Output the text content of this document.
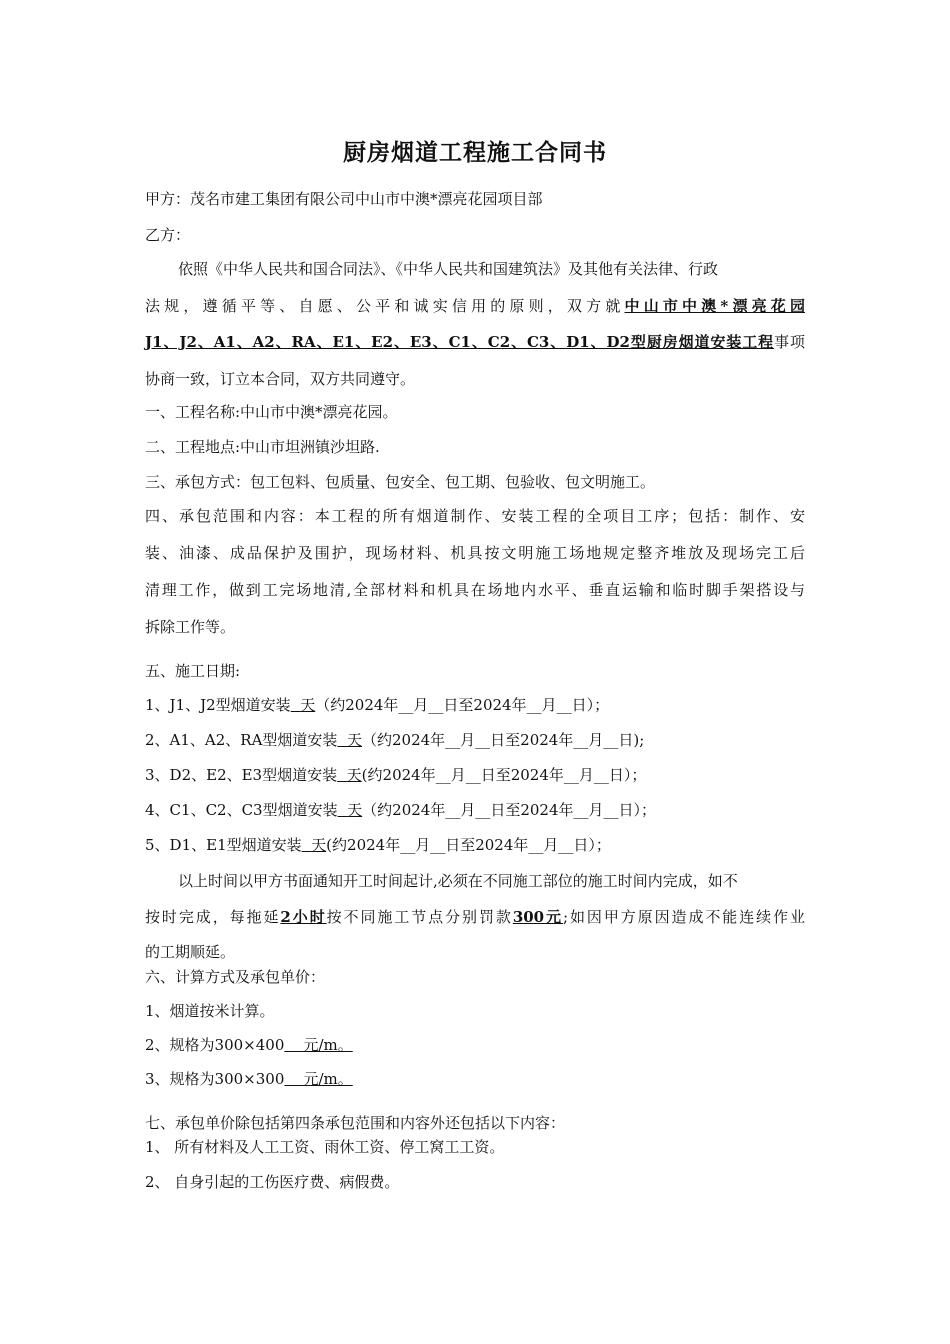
厨房烟道工程施工合同书
甲方：茂名市建工集团有限公司中山市中澳*漂亮花园项目部
乙方：
依照《中华人民共和国合同法》、《中华人民共和国建筑法》及其他有关法律、行政
法规，遵循平等、自愿、公平和诚实信用的原则，双方就中山市中澳*漂亮花园
J1、J2、A1、A2、RA、E1、E2、E3、C1、C2、C3、D1、D2型厨房烟道安装工程事项
协商一致，订立本合同，双方共同遵守。
一、工程名称:中山市中澳*漂亮花园。
二、工程地点:中山市坦洲镇沙坦路.
三、承包方式：包工包料、包质量、包安全、包工期、包验收、包文明施工。
四、承包范围和内容：本工程的所有烟道制作、安装工程的全项目工序；包括：制作、安
装、油漆、成品保护及围护，现场材料、机具按文明施工场地规定整齐堆放及现场完工后
清理工作，做到工完场地清,全部材料和机具在场地内水平、垂直运输和临时脚手架搭设与
拆除工作等。
五、施工日期:
1、J1、J2型烟道安装 天（约2024年__月__日至2024年__月__日）；
2、A1、A2、RA型烟道安装 天（约2024年__月__日至2024年__月__日);
3、D2、E2、E3型烟道安装 天(约2024年__月__日至2024年__月__日）；
4、C1、C2、C3型烟道安装 天（约2024年__月__日至2024年__月__日）；
5、D1、E1型烟道安装 天(约2024年__月__日至2024年__月__日）；
以上时间以甲方书面通知开工时间起计,必须在不同施工部位的施工时间内完成，如不
按时完成，每拖延2小时按不同施工节点分别罚款300元;如因甲方原因造成不能连续作业
的工期顺延。
六、计算方式及承包单价：
1、烟道按米计算。
2、规格为300×400 元/m。
3、规格为300×300 元/m。
七、承包单价除包括第四条承包范围和内容外还包括以下内容：
1、 所有材料及人工工资、雨休工资、停工窝工工资。
2、 自身引起的工伤医疗费、病假费。
